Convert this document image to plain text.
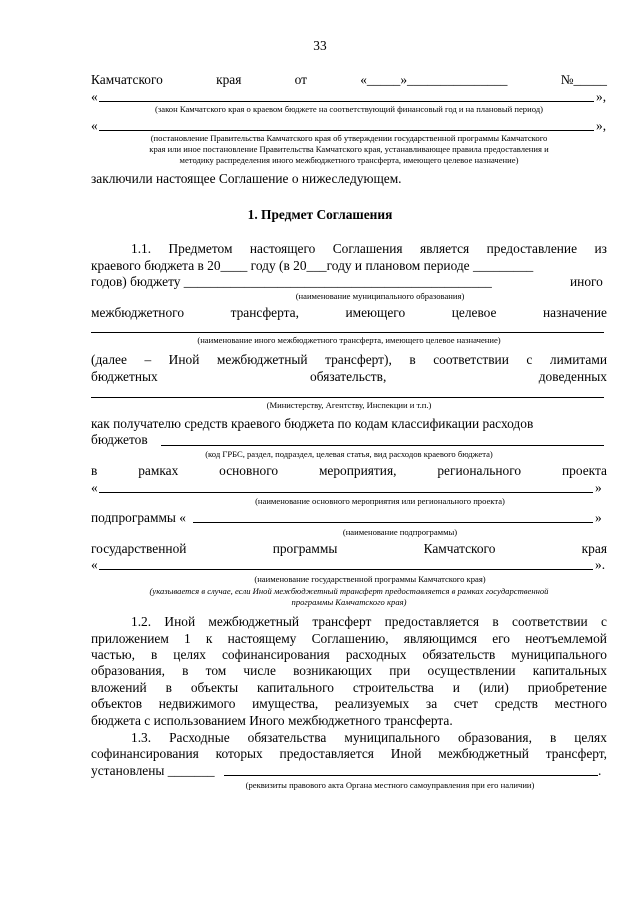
33
Камчатского	края	от	«_____»_______________	№_____
«	»,
(закон Камчатского края о краевом бюджете на соответствующий финансовый год и на плановый период)
«	»,
(постановление Правительства Камчатского края об утверждении государственной программы Камчатского
края или иное постановление Правительства Камчатского края, устанавливающее правила предоставления и
методику распределения иного межбюджетного трансферта, имеющего целевое назначение)
заключили настоящее Соглашение о нижеследующем.
1. Предмет Соглашения
1.1. Предметом настоящего Соглашения является предоставление из
краевого бюджета в 20____ году (в 20___году и плановом периоде _________
годов) бюджету ______________________________________________	иного
(наименование муниципального образования)
межбюджетного	трансферта,	имеющего	целевое	назначение
(наименование иного межбюджетного трансферта, имеющего целевое назначение)
(далее – Иной межбюджетный трансферт), в соответствии с лимитами
бюджетных	обязательств,	доведенных
(Министерству, Агентству, Инспекции и т.п.)
как получателю средств краевого бюджета по кодам классификации расходов
бюджетов
(код ГРБС, раздел, подраздел, целевая статья, вид расходов краевого бюджета)
в	рамках	основного	мероприятия,	регионального	проекта
«	»
(наименование основного мероприятия или регионального проекта)
подпрограммы «	»
(наименование подпрограммы)
государственной	программы	Камчатского	края
«	».
(наименование государственной программы Камчатского края)
(указывается в случае, если Иной межбюджетный трансферт предоставляется в рамках государственной
программы Камчатского края)
1.2. Иной межбюджетный трансферт предоставляется в соответствии с
приложением 1 к настоящему Соглашению, являющимся его неотъемлемой
частью, в целях софинансирования расходных обязательств муниципального
образования, в том числе возникающих при осуществлении капитальных
вложений в объекты капитального строительства и (или) приобретение
объектов недвижимого имущества, реализуемых за счет средств местного
бюджета с использованием Иного межбюджетного трансферта.
1.3. Расходные обязательства муниципального образования, в целях
софинансирования которых предоставляется Иной межбюджетный трансферт,
установлены _______	.
(реквизиты правового акта Органа местного самоуправления при его наличии)
